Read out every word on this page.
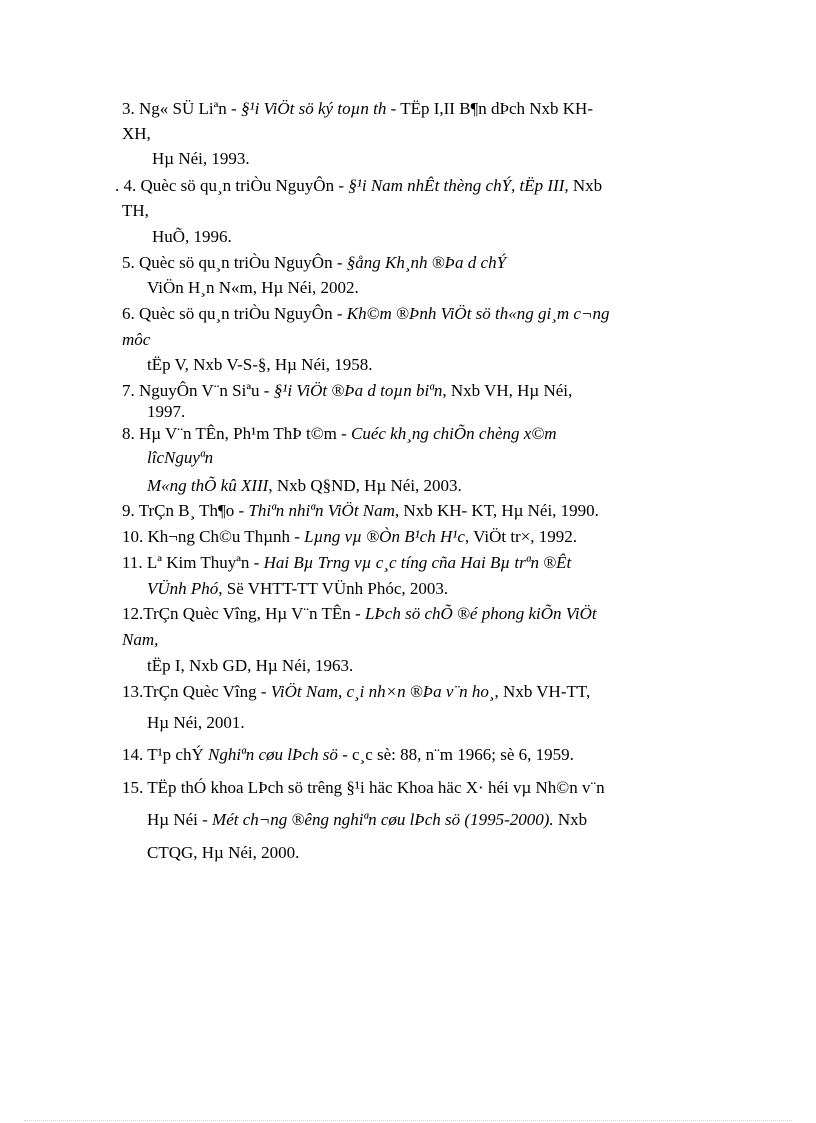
3. Ng« SÜ Liªn - §¹i ViÖt sö ký toµn th - TËp I,II B¶n dÞch Nxb KH-
XH,
Hµ Néi, 1993.
. 4. Quèc sö qu¸n triÒu NguyÔn - §¹i Nam nhÊt thèng chÝ, tËp III, Nxb
TH,
HuÕ, 1996.
5. Quèc sö qu¸n triÒu NguyÔn - §ång Kh¸nh ®Þa d chÝ
ViÖn H¸n N«m, Hµ Néi, 2002.
6. Quèc sö qu¸n triÒu NguyÔn - Kh©m ®Þnh ViÖt sö th«ng gi¸m c¬ng
môc
tËp V, Nxb V-S-§, Hµ Néi, 1958.
7. NguyÔn V¨n Siªu - §¹i ViÖt ®Þa d toµn biªn, Nxb VH, Hµ Néi,
1997.
8. Hµ V¨n TÊn, Ph¹m ThÞ t©m - Cuéc kh¸ng chiÕn chèng x©m
lîcNguyªn
M«ng thÕ kû XIII, Nxb Q§ND, Hµ Néi, 2003.
9. TrÇn B¸ Th¶o - Thiªn nhiªn ViÖt Nam, Nxb KH- KT, Hµ Néi, 1990.
10. Kh¬ng Ch©u Thµnh - Lµng vµ ®Òn B¹ch H¹c, ViÖt tr×, 1992.
11. Lª Kim Thuyªn - Hai Bµ Trng vµ c¸c tíng cña Hai Bµ trªn ®Êt
VÜnh Phó, Së VHTT-TT VÜnh Phóc, 2003.
12.TrÇn Quèc Vîng, Hµ V¨n TÊn - LÞch sö chÕ ®é phong kiÕn ViÖt
Nam,
tËp I, Nxb GD, Hµ Néi, 1963.
13.TrÇn Quèc Vîng - ViÖt Nam, c¸i nh×n ®Þa v¨n ho¸, Nxb VH-TT,
Hµ Néi, 2001.
14. T¹p chÝ Nghiªn cøu lÞch sö - c¸c sè: 88, n¨m 1966; sè 6, 1959.
15. TËp thÓ khoa LÞch sö trêng §¹i häc Khoa häc X· héi vµ Nh©n v¨n
Hµ Néi - Mét ch¬ng ®êng nghiªn cøu lÞch sö (1995-2000). Nxb
CTQG, Hµ Néi, 2000.
